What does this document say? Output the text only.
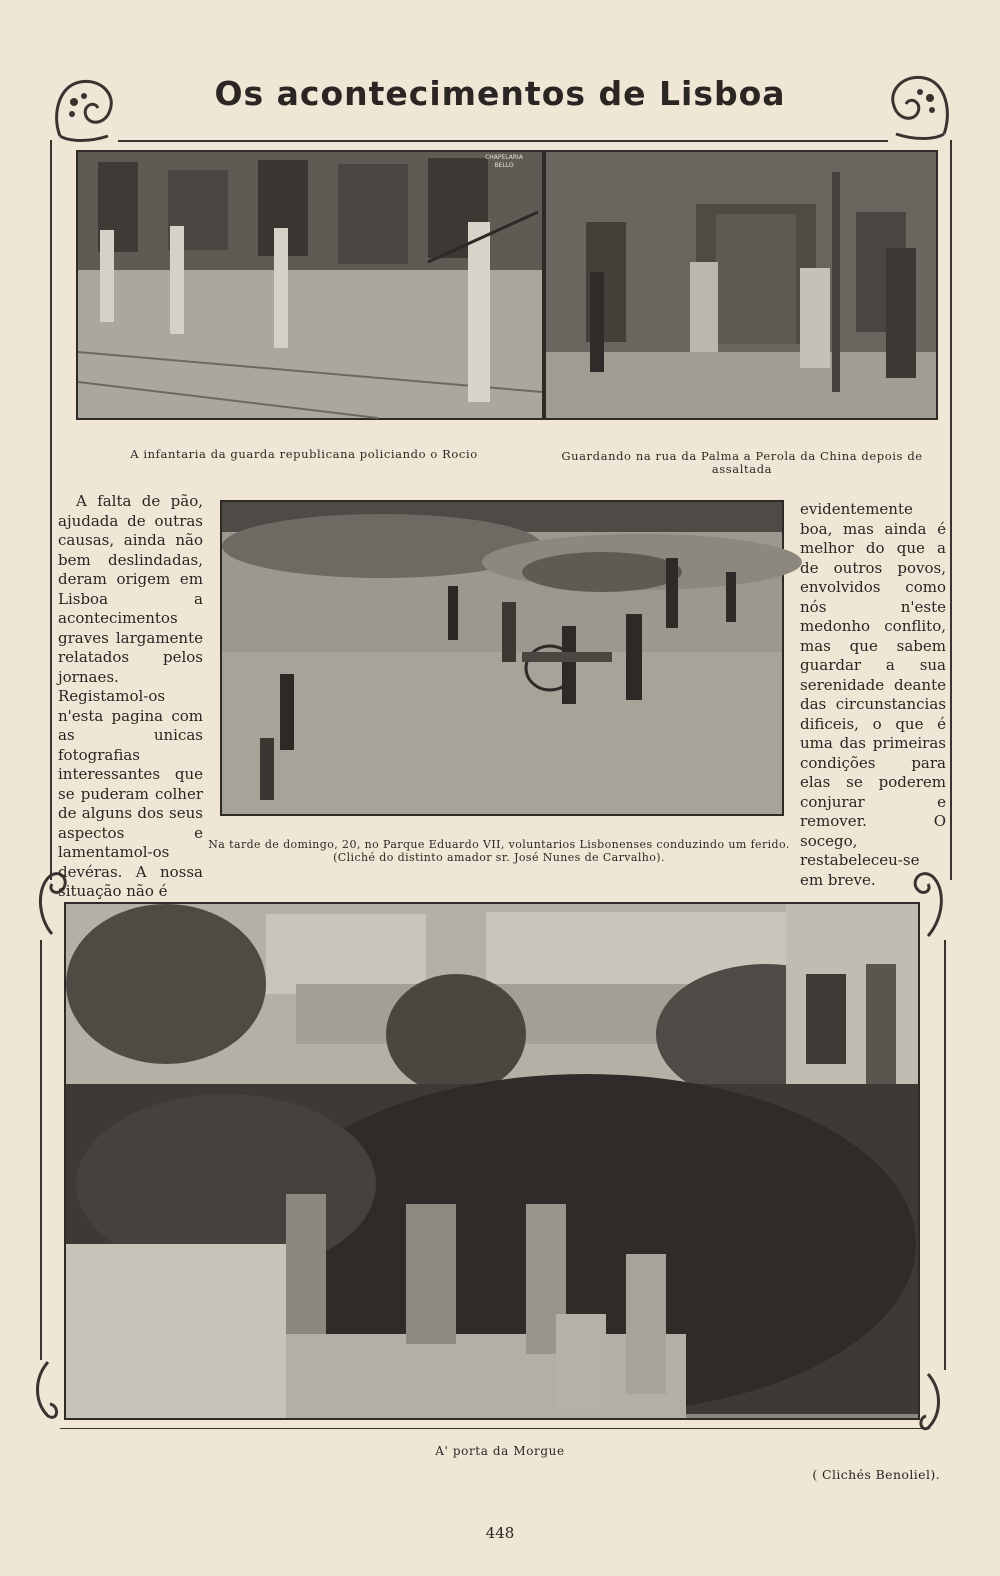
Os acontecimentos de Lisboa
CHAPELARIA
BELLO
A infantaria da guarda republicana policiando o Rocio	Guardando na rua da Palma a Perola da China depois de assaltada

A falta de pão, ajudada de outras causas, ainda não bem deslindadas, deram origem em Lisboa a acontecimentos graves largamente relatados pelos jornaes. Registamol-os n'esta pagina com as unicas fotografias interessantes que se puderam colher de alguns dos seus aspectos e lamentamol-os devéras. A nossa situação não é

Na tarde de domingo, 20, no Parque Eduardo VII, voluntarios Lisbonenses conduzindo um ferido. (Cliché do distinto amador sr. José Nunes de Carvalho).

evidentemente boa, mas ainda é melhor do que a de outros povos, envolvidos como nós n'este medonho conflito, mas que sabem guardar a sua serenidade deante das circunstancias dificeis, o que é uma das primeiras condições para elas se poderem conjurar e remover. O socego, restabeleceu-se em breve.

A' porta da Morgue
( Clichés Benoliel).
448
